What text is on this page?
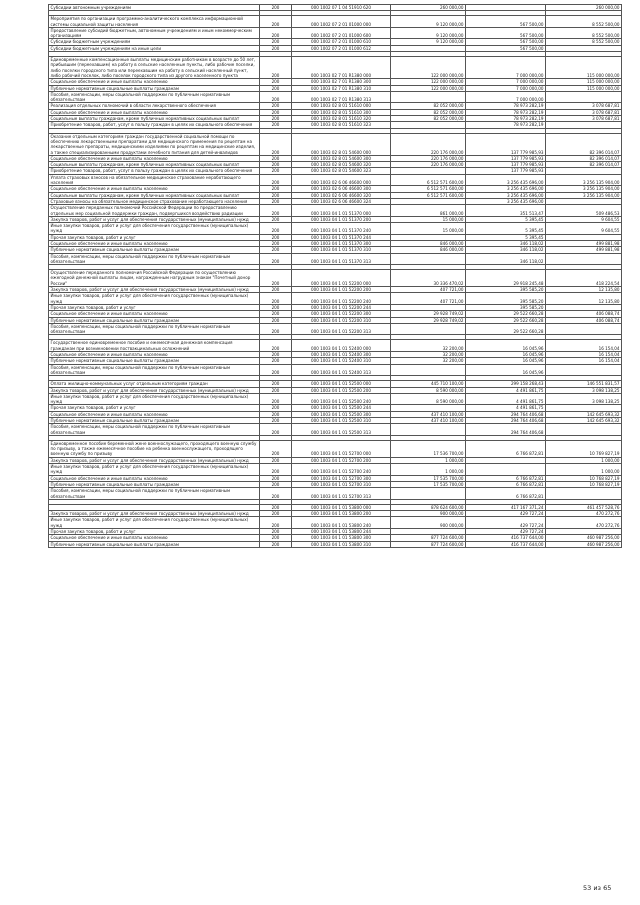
Субсидии автономным учреждениям	200	000 1002 07 1 04 51910 620	260 000,00		260 000,00

Мероприятия по организации программно-аналитического комплекса информационной системы социальной защиты населения	200	000 1002 07 2 01 01000 000	9 120 000,00	567 500,00	8 552 500,00
Предоставление субсидий бюджетным, автономным учреждениям и иным некоммерческим организациям	200	000 1002 07 2 01 01000 600	9 120 000,00	567 500,00	8 552 500,00
Субсидии бюджетным учреждениям	200	000 1002 07 2 01 01000 610	9 120 000,00	567 500,00	8 552 500,00
Субсидии бюджетным учреждениям на иные цели	200	000 1002 07 2 01 01000 612		567 500,00	

Единовременные компенсационные выплаты медицинским работникам в возрасте до 50 лет, прибывшим (переехавшим) на работу в сельские населенные пункты, либо рабочие поселки, либо поселки городского типа или переехавшим на работу в сельский населенный пункт, либо рабочий поселок, либо поселок городского типа из другого населенного пункта	200	000 1003 02 7 01 R1380 000	122 000 000,00	7 000 000,00	115 000 000,00
Социальное обеспечение и иные выплаты населению	200	000 1003 02 7 01 R1380 300	122 000 000,00	7 000 000,00	115 000 000,00
Публичные нормативные социальные выплаты гражданам	200	000 1003 02 7 01 R1380 310	122 000 000,00	7 000 000,00	115 000 000,00
Пособия, компенсации, меры социальной поддержки по публичным нормативным обязательствам	200	000 1003 02 7 01 R1380 313		7 000 000,00	
Реализация отдельных полномочий в области лекарственного обеспечения	200	000 1003 02 8 01 51610 000	82 052 000,00	78 973 282,19	3 078 687,81
Социальное обеспечение и иные выплаты населению	200	000 1003 02 8 01 51610 300	82 052 000,00	78 973 282,19	3 078 687,81
Социальные выплаты гражданам, кроме публичных нормативных социальных выплат	200	000 1003 02 8 01 51610 320	82 052 000,00	78 973 282,19	3 078 687,81
Приобретение товаров, работ, услуг в пользу граждан в целях их социального обеспечения	200	000 1003 02 8 01 51610 323		78 973 282,19	

Оказание отдельным категориям граждан государственной социальной помощи по обеспечению лекарственными препаратами для медицинского применения по рецептам на лекарственные препараты, медицинскими изделиями по рецептам на медицинские изделия, а также специализированными продуктами лечебного питания для детей-инвалидов	200	000 1003 02 8 01 54600 000	220 176 000,00	137 779 985,93	82 396 014,07
Социальное обеспечение и иные выплаты населению	200	000 1003 02 8 01 54600 300	220 176 000,00	137 779 985,93	82 396 014,07
Социальные выплаты гражданам, кроме публичных нормативных социальных выплат	200	000 1003 02 8 01 54600 320	220 176 000,00	137 779 985,93	82 396 014,07
Приобретение товаров, работ, услуг в пользу граждан в целях их социального обеспечения	200	000 1003 02 8 01 54600 323		137 779 985,93	
Уплата страховых взносов на обязательное медицинское страхование неработающего населения	200	000 1003 02 6 06 46600 000	6 512 571 600,00	3 256 435 696,00	3 256 135 904,00
Социальное обеспечение и иные выплаты населению	200	000 1003 02 6 06 46600 300	6 512 571 600,00	3 256 435 696,00	3 256 135 904,00
Социальные выплаты гражданам, кроме публичных нормативных социальных выплат	200	000 1003 02 6 06 46600 320	6 512 571 600,00	3 256 435 696,00	3 256 135 904,00
Страховые взносы на обязательное медицинское страхование неработающего населения	200	000 1003 02 6 06 46600 324		3 256 435 696,00	
Осуществление переданных полномочий Российской Федерации по предоставлению отдельных мер социальной поддержки граждан, подвергшихся воздействию радиации	200	000 1003 04 1 01 51370 000	861 000,00	351 513,47	509 486,53
Закупка товаров, работ и услуг для обеспечения государственных (муниципальных) нужд	200	000 1003 04 1 01 51370 200	15 000,00	5 395,45	9 604,55
Иные закупки товаров, работ и услуг для обеспечения государственных (муниципальных) нужд	200	000 1003 04 1 01 51370 240	15 000,00	5 395,45	9 604,55
Прочая закупка товаров, работ и услуг	200	000 1003 04 1 01 51370 244		5 395,45	
Социальное обеспечение и иные выплаты населению	200	000 1003 04 1 01 51370 300	846 000,00	346 118,02	499 881,98
Публичные нормативные социальные выплаты гражданам	200	000 1003 04 1 01 51370 310	846 000,00	346 118,02	499 881,98
Пособия, компенсации, меры социальной поддержки по публичным нормативным обязательствам	200	000 1003 04 1 01 51370 313		346 118,02	

Осуществление переданного полномочия Российской Федерации по осуществлению ежегодной денежной выплаты лицам, награжденным нагрудным знаком "Почетный донор России"	200	000 1003 04 1 01 52200 000	30 336 470,02	29 918 245,48	418 224,54
Закупка товаров, работ и услуг для обеспечения государственных (муниципальных) нужд	200	000 1003 04 1 01 52200 200	407 721,00	395 585,20	12 135,80
Иные закупки товаров, работ и услуг для обеспечения государственных (муниципальных) нужд	200	000 1003 04 1 01 52200 240	407 721,00	395 585,20	12 135,80
Прочая закупка товаров, работ и услуг	200	000 1003 04 1 01 52200 244		395 585,20	
Социальное обеспечение и иные выплаты населению	200	000 1003 04 1 01 52200 300	29 928 749,02	29 522 660,28	406 088,74
Публичные нормативные социальные выплаты гражданам	200	000 1003 04 1 01 52200 310	29 928 749,02	29 522 660,28	406 088,74
Пособия, компенсации, меры социальной поддержки по публичным нормативным обязательствам	200	000 1003 04 1 01 52200 313		29 522 660,28	

Государственное единовременное пособие и ежемесячная денежная компенсация гражданам при возникновении поствакцинальных осложнений	200	000 1003 04 1 01 52400 000	32 200,00	16 045,96	16 154,04
Социальное обеспечение и иные выплаты населению	200	000 1003 04 1 01 52400 300	32 200,00	16 045,96	16 154,04
Публичные нормативные социальные выплаты гражданам	200	000 1003 04 1 01 52400 310	32 200,00	16 045,96	16 154,04
Пособия, компенсации, меры социальной поддержки по публичным нормативным обязательствам	200	000 1003 04 1 01 52400 313		16 045,96	

Оплата жилищно-коммунальных услуг отдельным категориям граждан	200	000 1003 04 1 01 52500 000	445 710 100,00	299 158 268,43	146 551 831,57
Закупка товаров, работ и услуг для обеспечения государственных (муниципальных) нужд	200	000 1003 04 1 01 52500 200	8 590 000,00	4 491 861,75	3 098 138,25
Иные закупки товаров, работ и услуг для обеспечения государственных (муниципальных) нужд	200	000 1003 04 1 01 52500 240	8 590 000,00	4 491 861,75	3 098 138,25
Прочая закупка товаров, работ и услуг	200	000 1003 04 1 01 52500 244		4 491 861,75	
Социальное обеспечение и иные выплаты населению	200	000 1003 04 1 01 52500 300	437 410 100,00	294 764 406,68	142 645 693,32
Публичные нормативные социальные выплаты гражданам	200	000 1003 04 1 01 52500 310	437 410 100,00	294 764 406,68	142 645 693,32
Пособия, компенсации, меры социальной поддержки по публичным нормативным обязательствам	200	000 1003 04 1 01 52500 313		294 764 406,68	

Единовременное пособие беременной жене военнослужащего, проходящего военную службу по призыву, а также ежемесячное пособие на ребенка военнослужащего, проходящего военную службу по призыву	200	000 1003 04 1 01 52700 000	17 536 700,00	6 766 872,81	10 769 827,19
Закупка товаров, работ и услуг для обеспечения государственных (муниципальных) нужд	200	000 1003 04 1 01 52700 200	1 000,00		1 000,00
Иные закупки товаров, работ и услуг для обеспечения государственных (муниципальных) нужд	200	000 1003 04 1 01 52700 240	1 000,00		1 000,00
Социальное обеспечение и иные выплаты населению	200	000 1003 04 1 01 52700 300	17 535 700,00	6 766 872,81	10 768 827,19
Публичные нормативные социальные выплаты гражданам	200	000 1003 04 1 01 52700 310	17 535 700,00	6 766 872,81	10 768 827,19
Пособия, компенсации, меры социальной поддержки по публичным нормативным обязательствам	200	000 1003 04 1 01 52700 313		6 766 872,81	

	200	000 1003 04 1 01 53800 000	878 624 600,00	417 167 371,24	461 457 528,76
Закупка товаров, работ и услуг для обеспечения государственных (муниципальных) нужд	200	000 1003 04 1 01 53800 200	900 000,00	429 727,24	470 272,76
Иные закупки товаров, работ и услуг для обеспечения государственных (муниципальных) нужд	200	000 1003 04 1 01 53800 240	900 000,00	429 727,24	470 272,76
Прочая закупка товаров, работ и услуг	200	000 1003 04 1 01 53800 244		429 727,24	
Социальное обеспечение и иные выплаты населению	200	000 1003 04 1 01 53800 300	877 724 600,00	416 737 644,00	460 987 256,00
Публичные нормативные социальные выплаты гражданам	200	000 1003 04 1 01 53800 310	877 724 600,00	416 737 644,00	460 987 256,00
53 из 65
